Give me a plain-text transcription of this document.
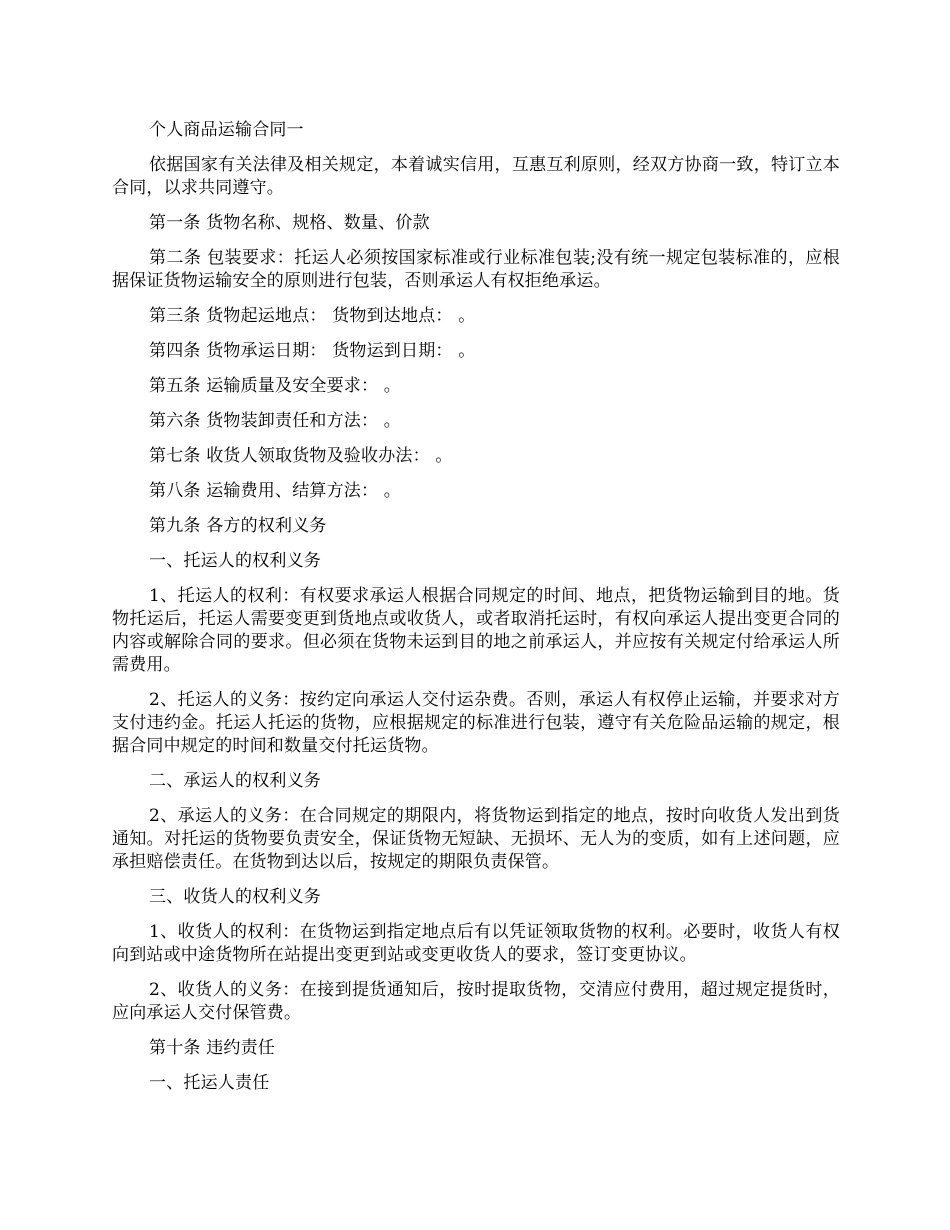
个人商品运输合同一

依据国家有关法律及相关规定，本着诚实信用，互惠互利原则，经双方协商一致，特订立本合同，以求共同遵守。

第一条 货物名称、规格、数量、价款

第二条 包装要求：托运人必须按国家标准或行业标准包装;没有统一规定包装标准的，应根据保证货物运输安全的原则进行包装，否则承运人有权拒绝承运。

第三条 货物起运地点： 货物到达地点： 。

第四条 货物承运日期： 货物运到日期： 。

第五条 运输质量及安全要求： 。

第六条 货物装卸责任和方法： 。

第七条 收货人领取货物及验收办法： 。

第八条 运输费用、结算方法： 。

第九条 各方的权利义务

一、托运人的权利义务

1、托运人的权利：有权要求承运人根据合同规定的时间、地点，把货物运输到目的地。货物托运后，托运人需要变更到货地点或收货人，或者取消托运时，有权向承运人提出变更合同的内容或解除合同的要求。但必须在货物未运到目的地之前承运人，并应按有关规定付给承运人所需费用。

2、托运人的义务：按约定向承运人交付运杂费。否则，承运人有权停止运输，并要求对方支付违约金。托运人托运的货物，应根据规定的标准进行包装，遵守有关危险品运输的规定，根据合同中规定的时间和数量交付托运货物。

二、承运人的权利义务

2、承运人的义务：在合同规定的期限内，将货物运到指定的地点，按时向收货人发出到货通知。对托运的货物要负责安全，保证货物无短缺、无损坏、无人为的变质，如有上述问题，应承担赔偿责任。在货物到达以后，按规定的期限负责保管。

三、收货人的权利义务

1、收货人的权利：在货物运到指定地点后有以凭证领取货物的权利。必要时，收货人有权向到站或中途货物所在站提出变更到站或变更收货人的要求，签订变更协议。

2、收货人的义务：在接到提货通知后，按时提取货物，交清应付费用，超过规定提货时，应向承运人交付保管费。

第十条 违约责任

一、托运人责任
